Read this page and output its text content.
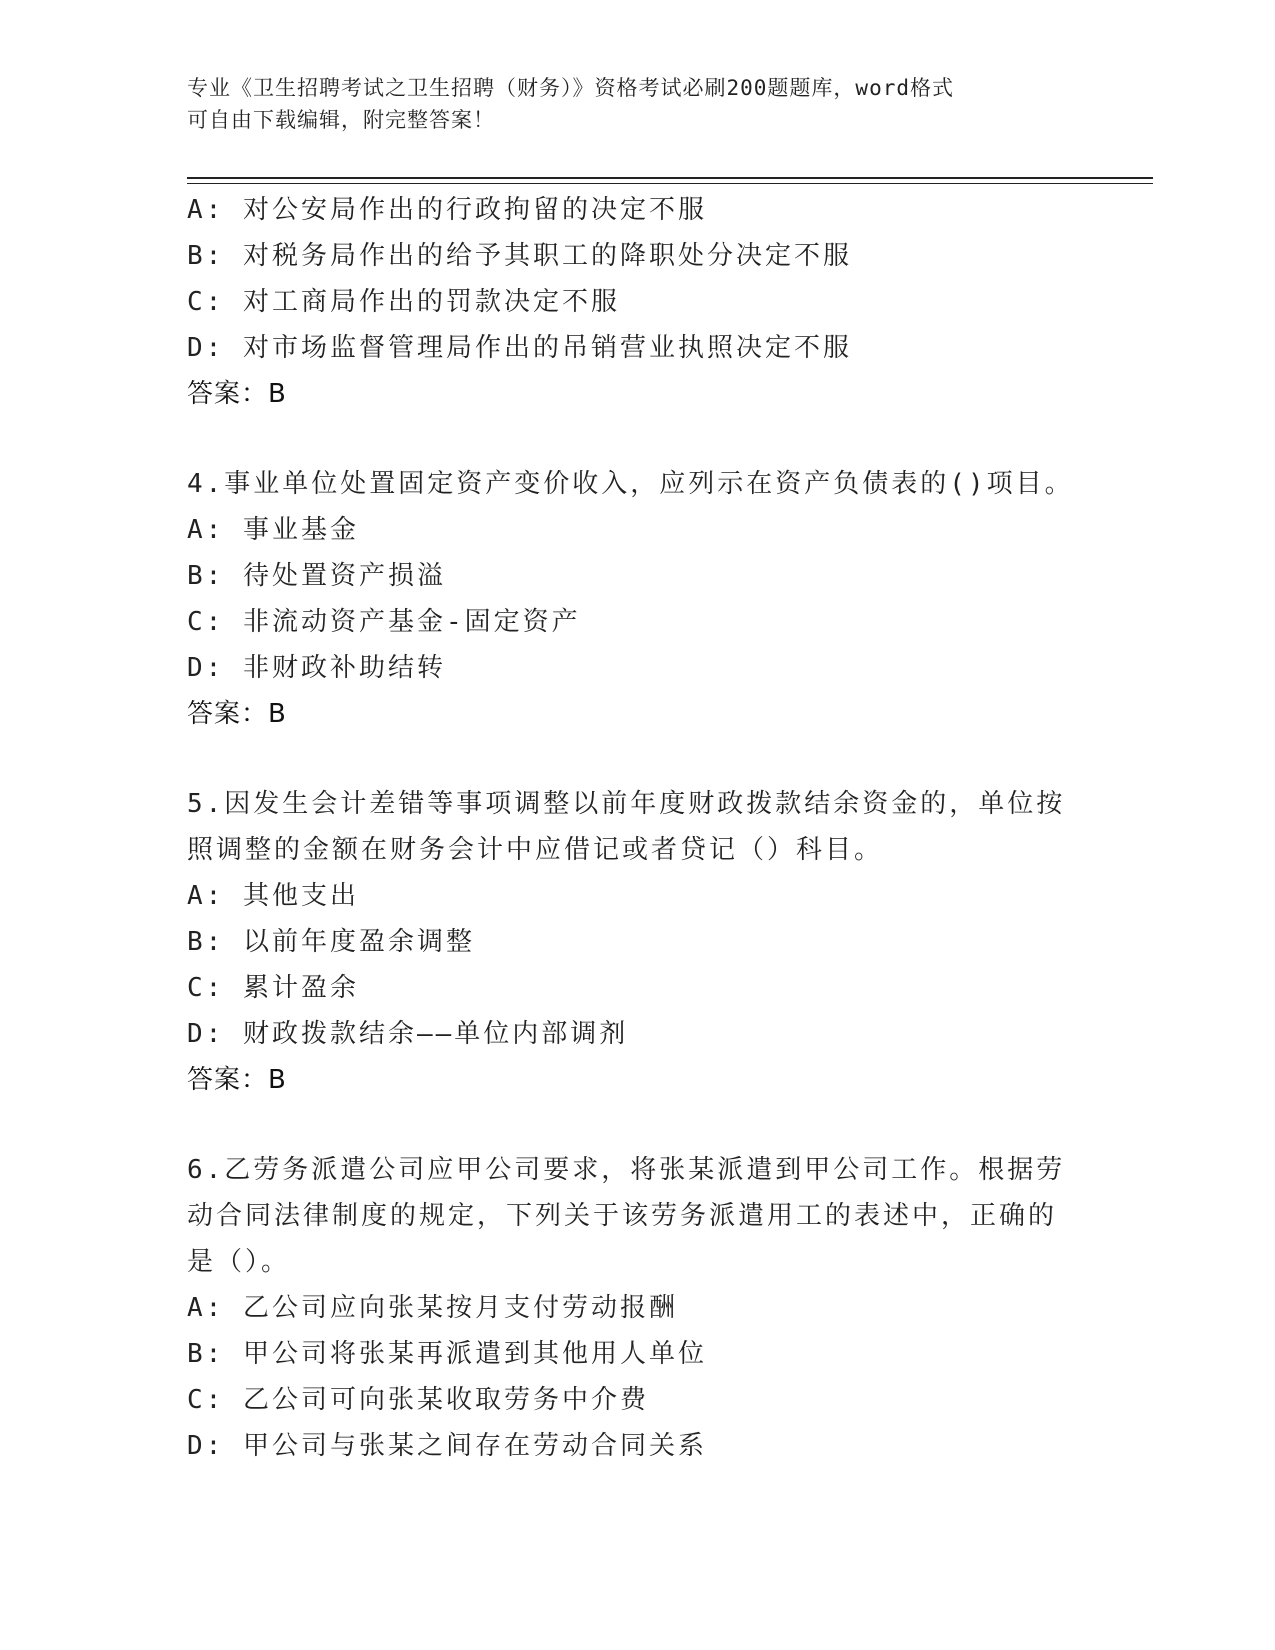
专业《卫生招聘考试之卫生招聘（财务）》资格考试必刷200题题库，word格式
可自由下载编辑，附完整答案！
A: 对公安局作出的行政拘留的决定不服
B: 对税务局作出的给予其职工的降职处分决定不服
C: 对工商局作出的罚款决定不服
D: 对市场监督管理局作出的吊销营业执照决定不服
答案：B
4.事业单位处置固定资产变价收入，应列示在资产负债表的()项目。
A: 事业基金
B: 待处置资产损溢
C: 非流动资产基金-固定资产
D: 非财政补助结转
答案：B
5.因发生会计差错等事项调整以前年度财政拨款结余资金的，单位按
照调整的金额在财务会计中应借记或者贷记（）科目。
A: 其他支出
B: 以前年度盈余调整
C: 累计盈余
D: 财政拨款结余——单位内部调剂
答案：B
6.乙劳务派遣公司应甲公司要求，将张某派遣到甲公司工作。根据劳
动合同法律制度的规定，下列关于该劳务派遣用工的表述中，正确的
是（）。
A: 乙公司应向张某按月支付劳动报酬
B: 甲公司将张某再派遣到其他用人单位
C: 乙公司可向张某收取劳务中介费
D: 甲公司与张某之间存在劳动合同关系
